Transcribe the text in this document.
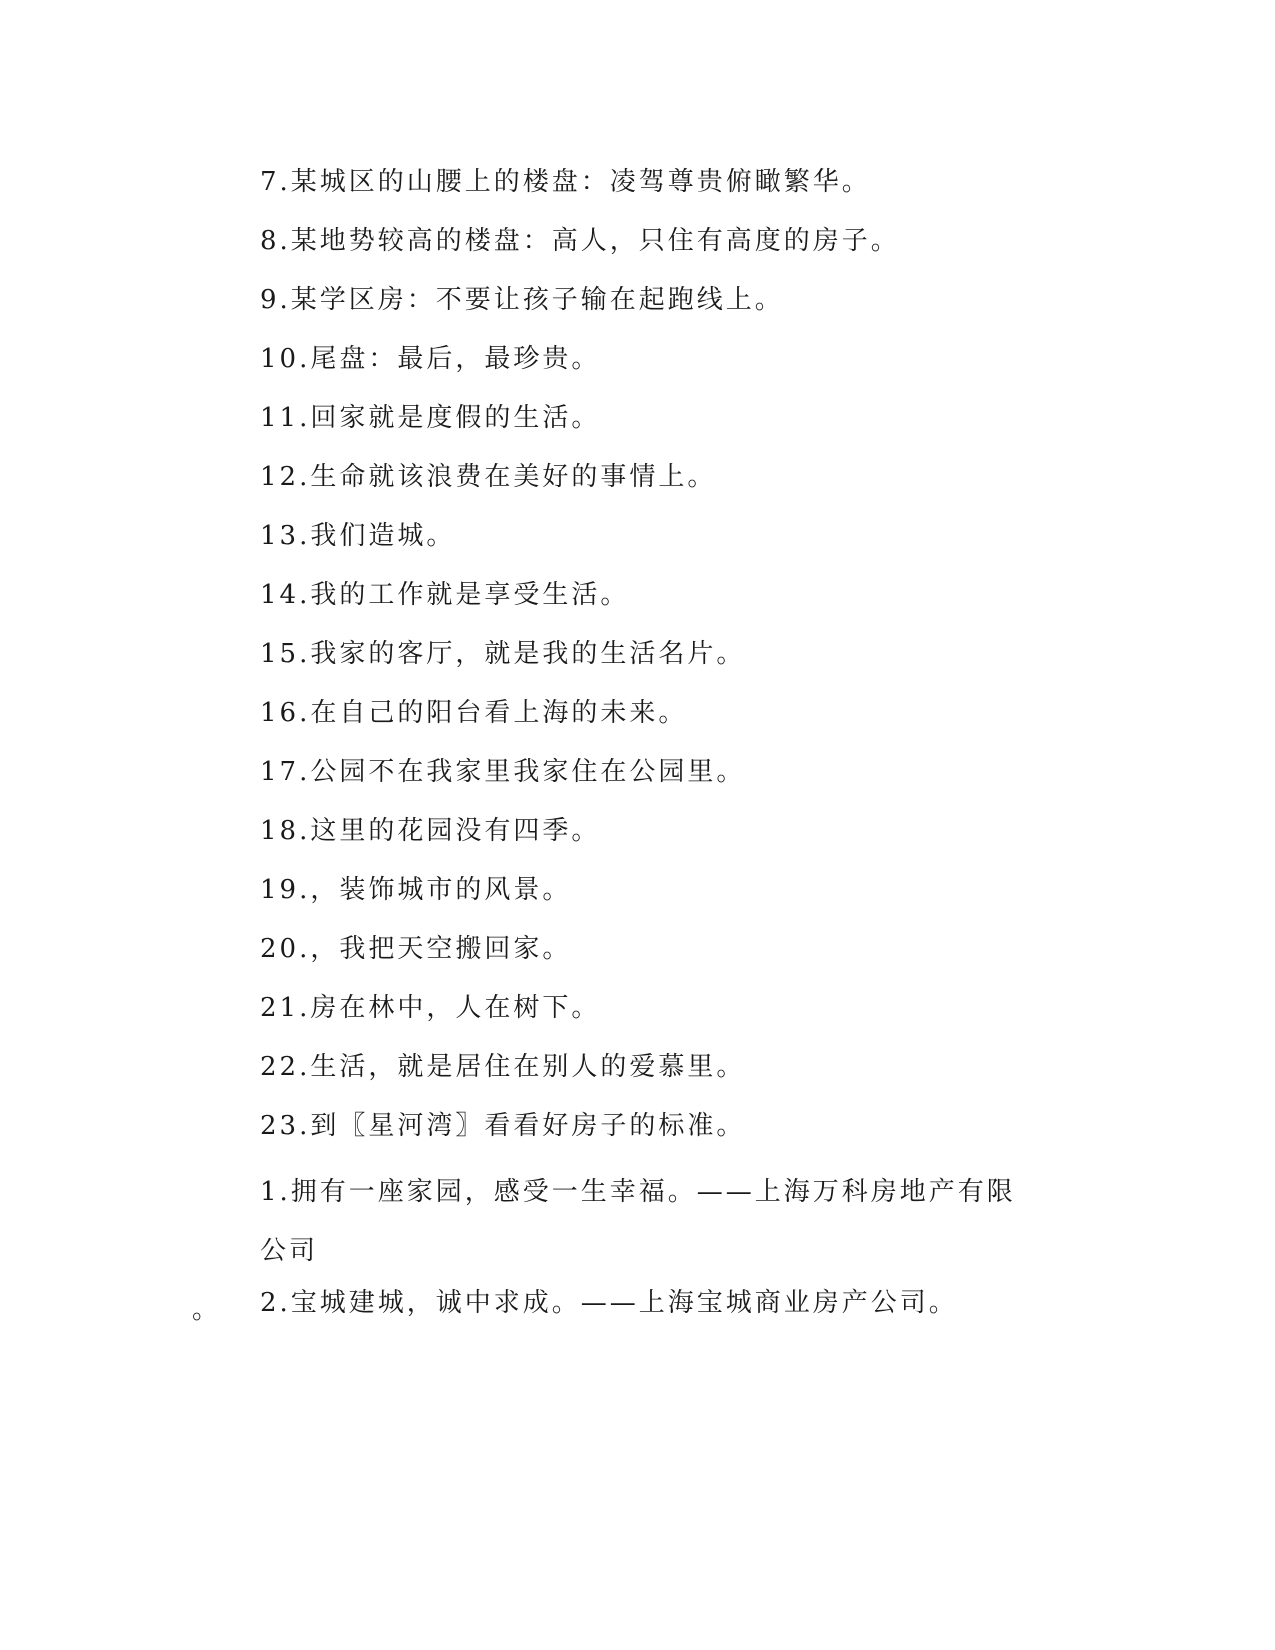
7.某城区的山腰上的楼盘：凌驾尊贵俯瞰繁华。
8.某地势较高的楼盘：高人，只住有高度的房子。
9.某学区房：不要让孩子输在起跑线上。
10.尾盘：最后，最珍贵。
11.回家就是度假的生活。
12.生命就该浪费在美好的事情上。
13.我们造城。
14.我的工作就是享受生活。
15.我家的客厅，就是我的生活名片。
16.在自己的阳台看上海的未来。
17.公园不在我家里我家住在公园里。
18.这里的花园没有四季。
19.，装饰城市的风景。
20.，我把天空搬回家。
21.房在林中，人在树下。
22.生活，就是居住在别人的爱慕里。
23.到〖星河湾〗看看好房子的标准。
1.拥有一座家园，感受一生幸福。——上海万科房地产有限公司
。	2.宝城建城，诚中求成。——上海宝城商业房产公司。
